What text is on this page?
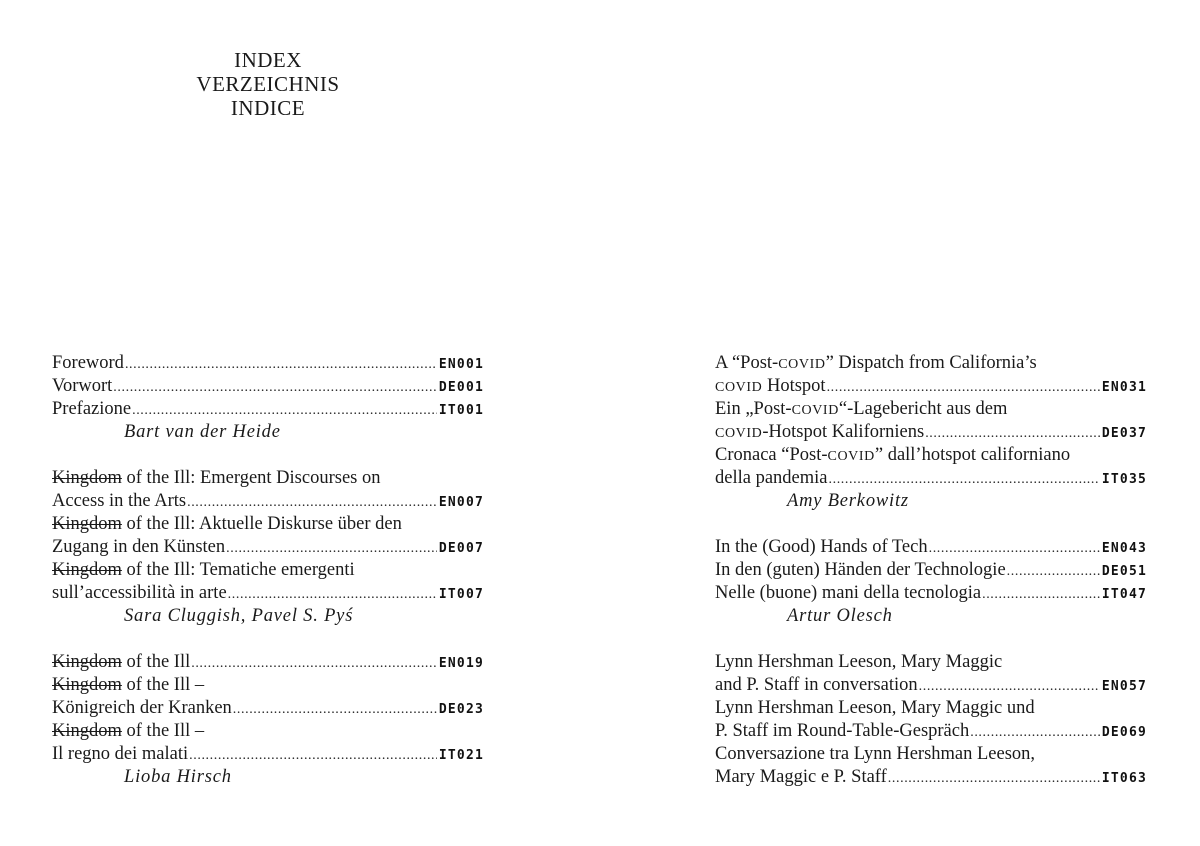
INDEX
VERZEICHNIS
INDICE
Foreword .....	EN001
Vorwort .....	DE001
Prefazione .....	IT001
Bart van der Heide
Kingdom of the Ill: Emergent Discourses on
Access in the Arts .....	EN007
Kingdom of the Ill: Aktuelle Diskurse über den
Zugang in den Künsten .....	DE007
Kingdom of the Ill: Tematiche emergenti
sull’accessibilità in arte .....	IT007
Sara Cluggish, Pavel S. Pyś
Kingdom of the Ill .....	EN019
Kingdom of the Ill –
Königreich der Kranken .....	DE023
Kingdom of the Ill –
Il regno dei malati .....	IT021
Lioba Hirsch
A “Post- COVID ” Dispatch from California’s
COVID Hotspot .....	EN031
Ein „Post- COVID “-Lagebericht aus dem
COVID -Hotspot Kaliforniens .....	DE037
Cronaca “Post- COVID ” dall’hotspot californiano
della pandemia .....	IT035
Amy Berkowitz
In the (Good) Hands of Tech .....	EN043
In den (guten) Händen der Technologie .....	DE051
Nelle (buone) mani della tecnologia .....	IT047
Artur Olesch
Lynn Hershman Leeson, Mary Maggic
and P. Staff in conversation .....	EN057
Lynn Hershman Leeson, Mary Maggic und
P. Staff im Round-Table-Gespräch .....	DE069
Conversazione tra Lynn Hershman Leeson,
Mary Maggic e P. Staff .....	IT063
